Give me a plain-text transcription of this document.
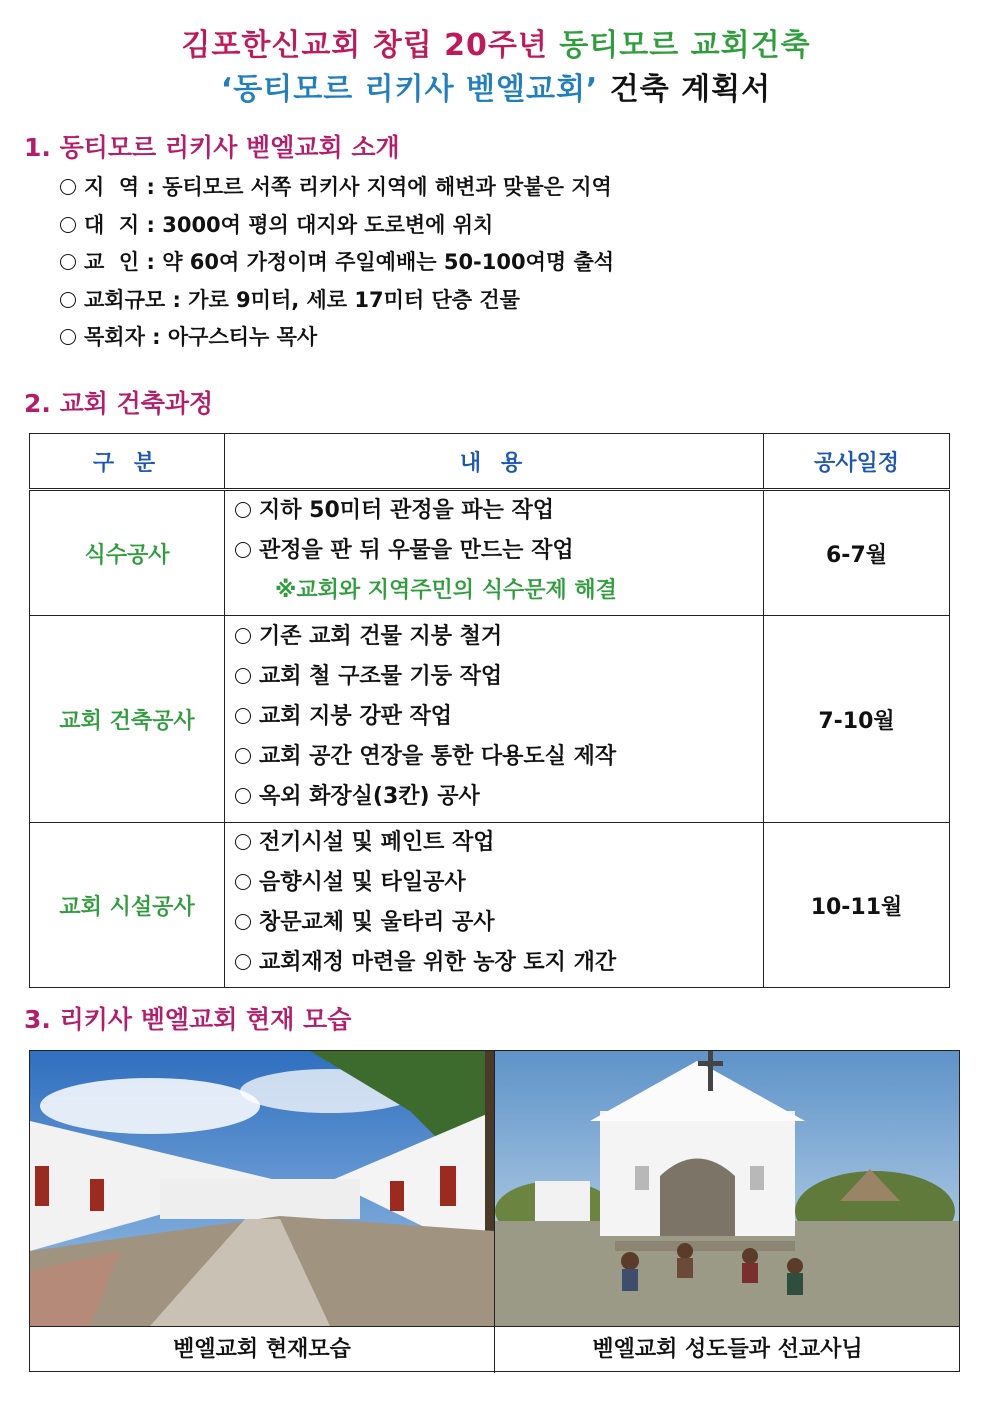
김포한신교회 창립 20주년 동티모르 교회건축
‘동티모르 리키사 벧엘교회’ 건축 계획서
1. 동티모르 리키사 벧엘교회 소개
지  역 : 동티모르 서쪽 리키사 지역에 해변과 맞붙은 지역
대  지 : 3000여 평의 대지와 도로변에 위치
교  인 : 약 60여 가정이며 주일예배는 50-100여명 출석
교회규모 : 가로 9미터, 세로 17미터 단층 건물
목회자 : 아구스티누 목사
2. 교회 건축과정
구 분	내 용	공사일정
식수공사	지하 50미터 관정을 파는 작업
관정을 판 뒤 우물을 만드는 작업
※교회와 지역주민의 식수문제 해결	6-7월
교회 건축공사	기존 교회 건물 지붕 철거
교회 철 구조물 기둥 작업
교회 지붕 강판 작업
교회 공간 연장을 통한 다용도실 제작
옥외 화장실(3칸) 공사	7-10월
교회 시설공사	전기시설 및 페인트 작업
음향시설 및 타일공사
창문교체 및 울타리 공사
교회재정 마련을 위한 농장 토지 개간	10-11월
3. 리키사 벧엘교회 현재 모습
벧엘교회 현재모습	벧엘교회 성도들과 선교사님
